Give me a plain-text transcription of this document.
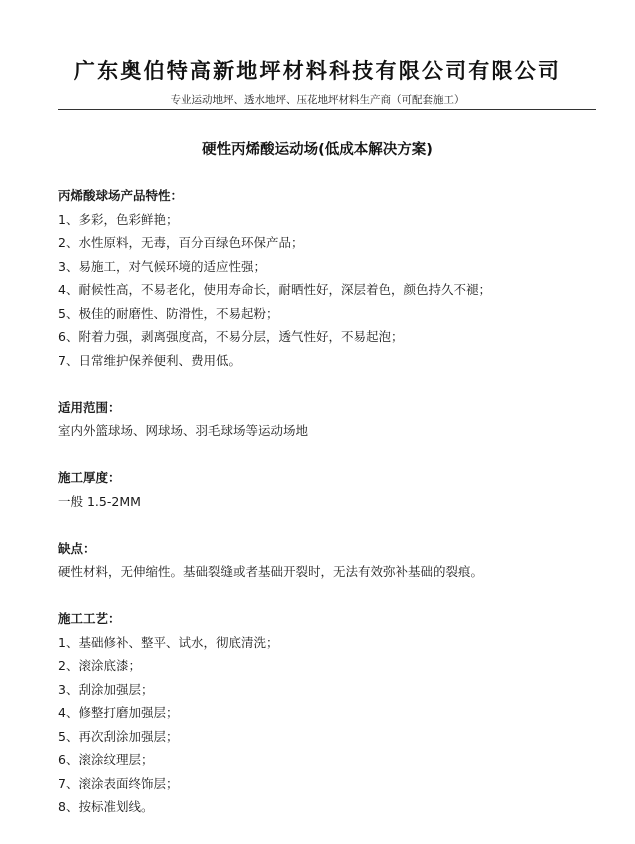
广东奥伯特高新地坪材料科技有限公司有限公司
专业运动地坪、透水地坪、压花地坪材料生产商（可配套施工）
硬性丙烯酸运动场(低成本解决方案)
丙烯酸球场产品特性：
1、多彩，色彩鲜艳；
2、水性原料，无毒，百分百绿色环保产品；
3、易施工，对气候环境的适应性强；
4、耐候性高，不易老化，使用寿命长，耐晒性好，深层着色，颜色持久不褪；
5、极佳的耐磨性、防滑性，不易起粉；
6、附着力强，剥离强度高，不易分层，透气性好，不易起泡；
7、日常维护保养便利、费用低。
适用范围：
室内外篮球场、网球场、羽毛球场等运动场地
施工厚度：
一般 1.5-2MM
缺点：
硬性材料，无伸缩性。基础裂缝或者基础开裂时，无法有效弥补基础的裂痕。
施工工艺：
1、基础修补、整平、试水，彻底清洗；
2、滚涂底漆；
3、刮涂加强层；
4、修整打磨加强层；
5、再次刮涂加强层；
6、滚涂纹理层；
7、滚涂表面终饰层；
8、按标准划线。
